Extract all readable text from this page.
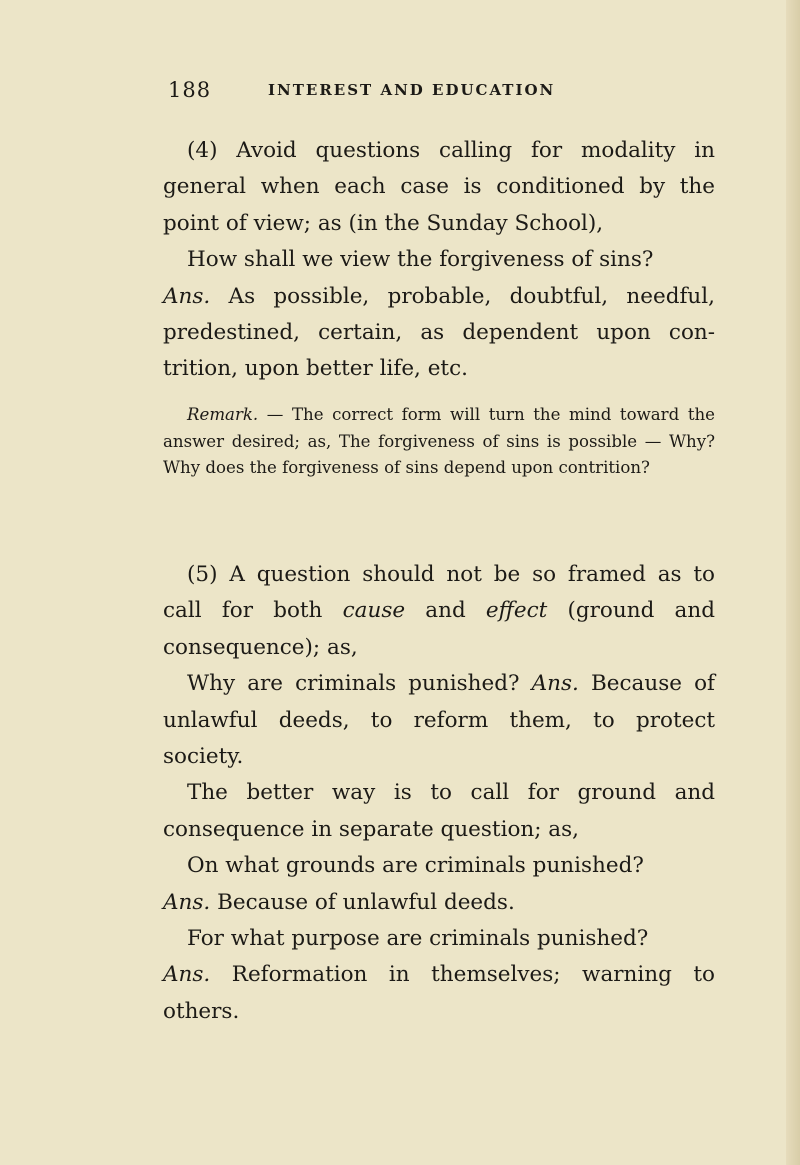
188	INTEREST AND EDUCATION

(4) Avoid questions calling for modality in general when each case is conditioned by the point of view; as (in the Sunday School),

How shall we view the forgiveness of sins?

Ans. As possible, probable, doubtful, needful, predestined, certain, as dependent upon contrition, upon better life, etc.

Remark. — The correct form will turn the mind toward the answer desired; as, The forgiveness of sins is possible — Why? Why does the forgiveness of sins depend upon contrition?

(5) A question should not be so framed as to call for both cause and effect (ground and consequence); as,

Why are criminals punished? Ans. Because of unlawful deeds, to reform them, to protect society.

The better way is to call for ground and consequence in separate question; as,

On what grounds are criminals punished?

Ans. Because of unlawful deeds.

For what purpose are criminals punished?

Ans. Reformation in themselves; warning to others.
